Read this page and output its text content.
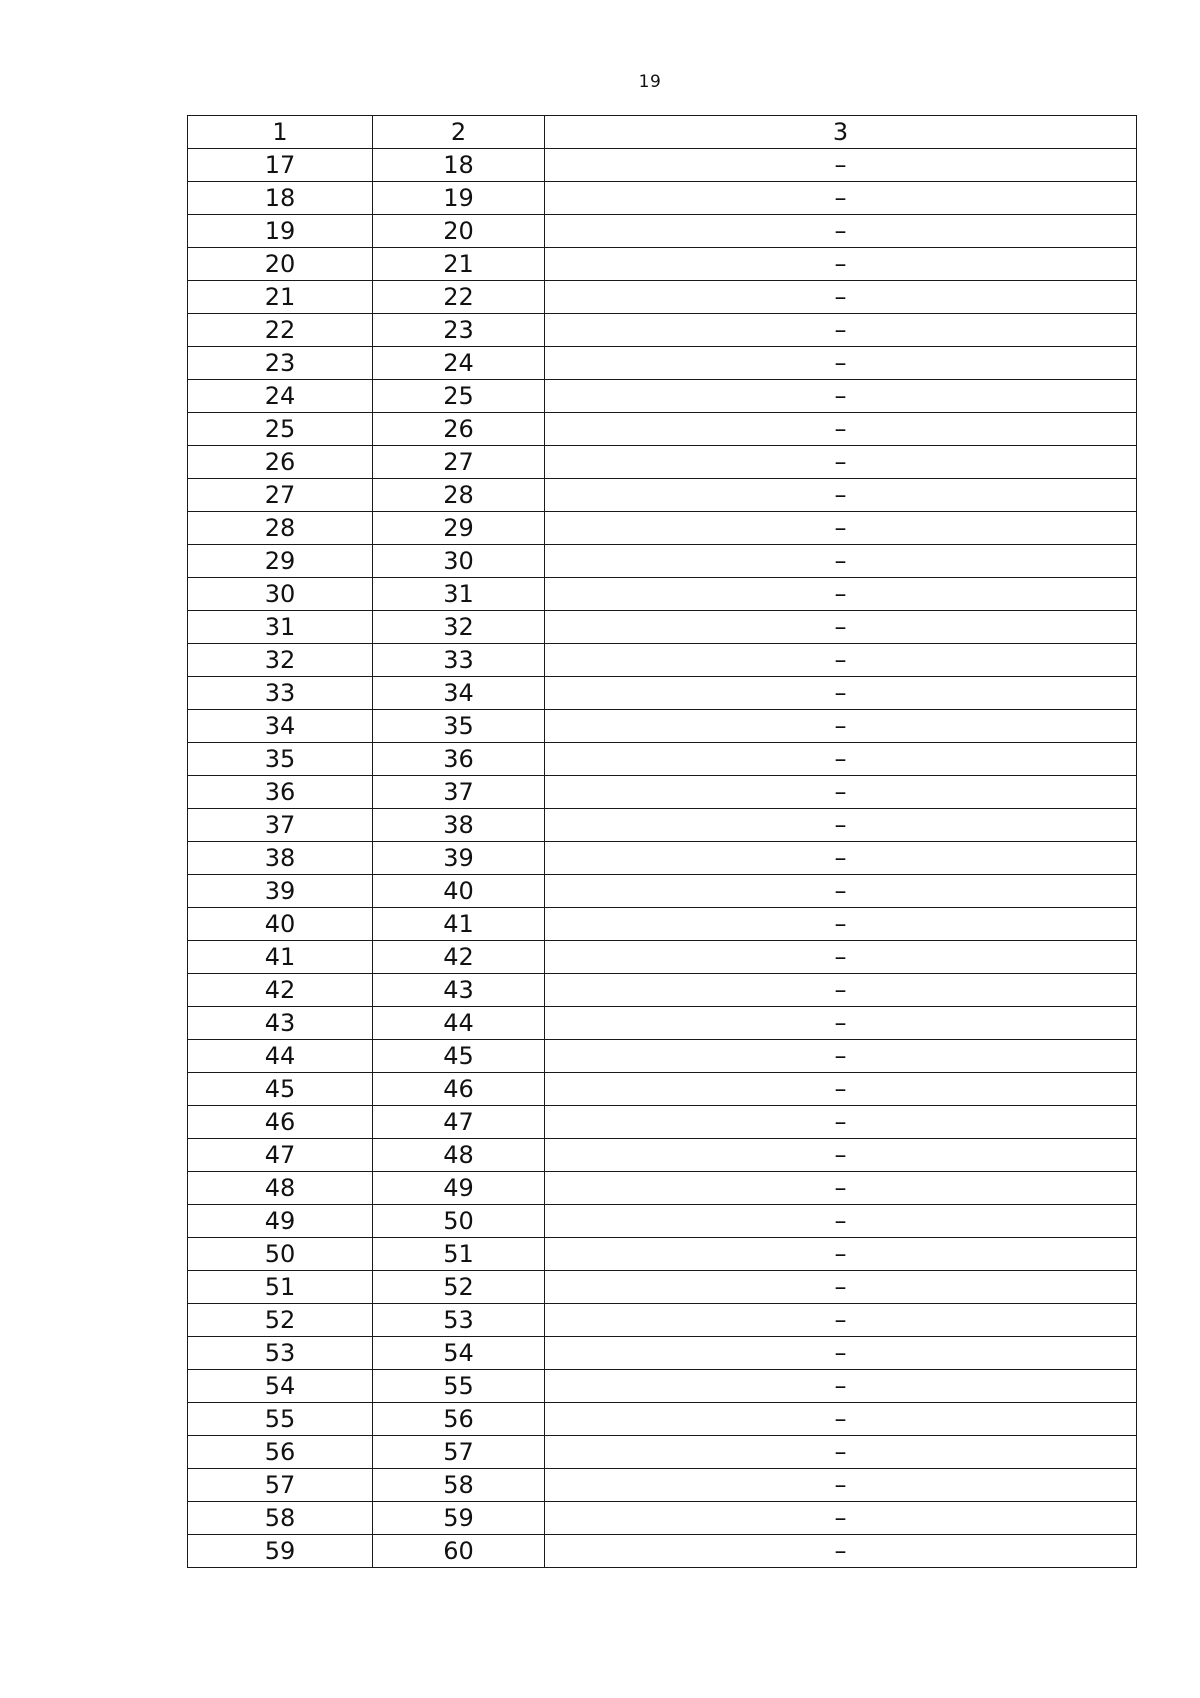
19
1	2	3
17	18	–
18	19	–
19	20	–
20	21	–
21	22	–
22	23	–
23	24	–
24	25	–
25	26	–
26	27	–
27	28	–
28	29	–
29	30	–
30	31	–
31	32	–
32	33	–
33	34	–
34	35	–
35	36	–
36	37	–
37	38	–
38	39	–
39	40	–
40	41	–
41	42	–
42	43	–
43	44	–
44	45	–
45	46	–
46	47	–
47	48	–
48	49	–
49	50	–
50	51	–
51	52	–
52	53	–
53	54	–
54	55	–
55	56	–
56	57	–
57	58	–
58	59	–
59	60	–
